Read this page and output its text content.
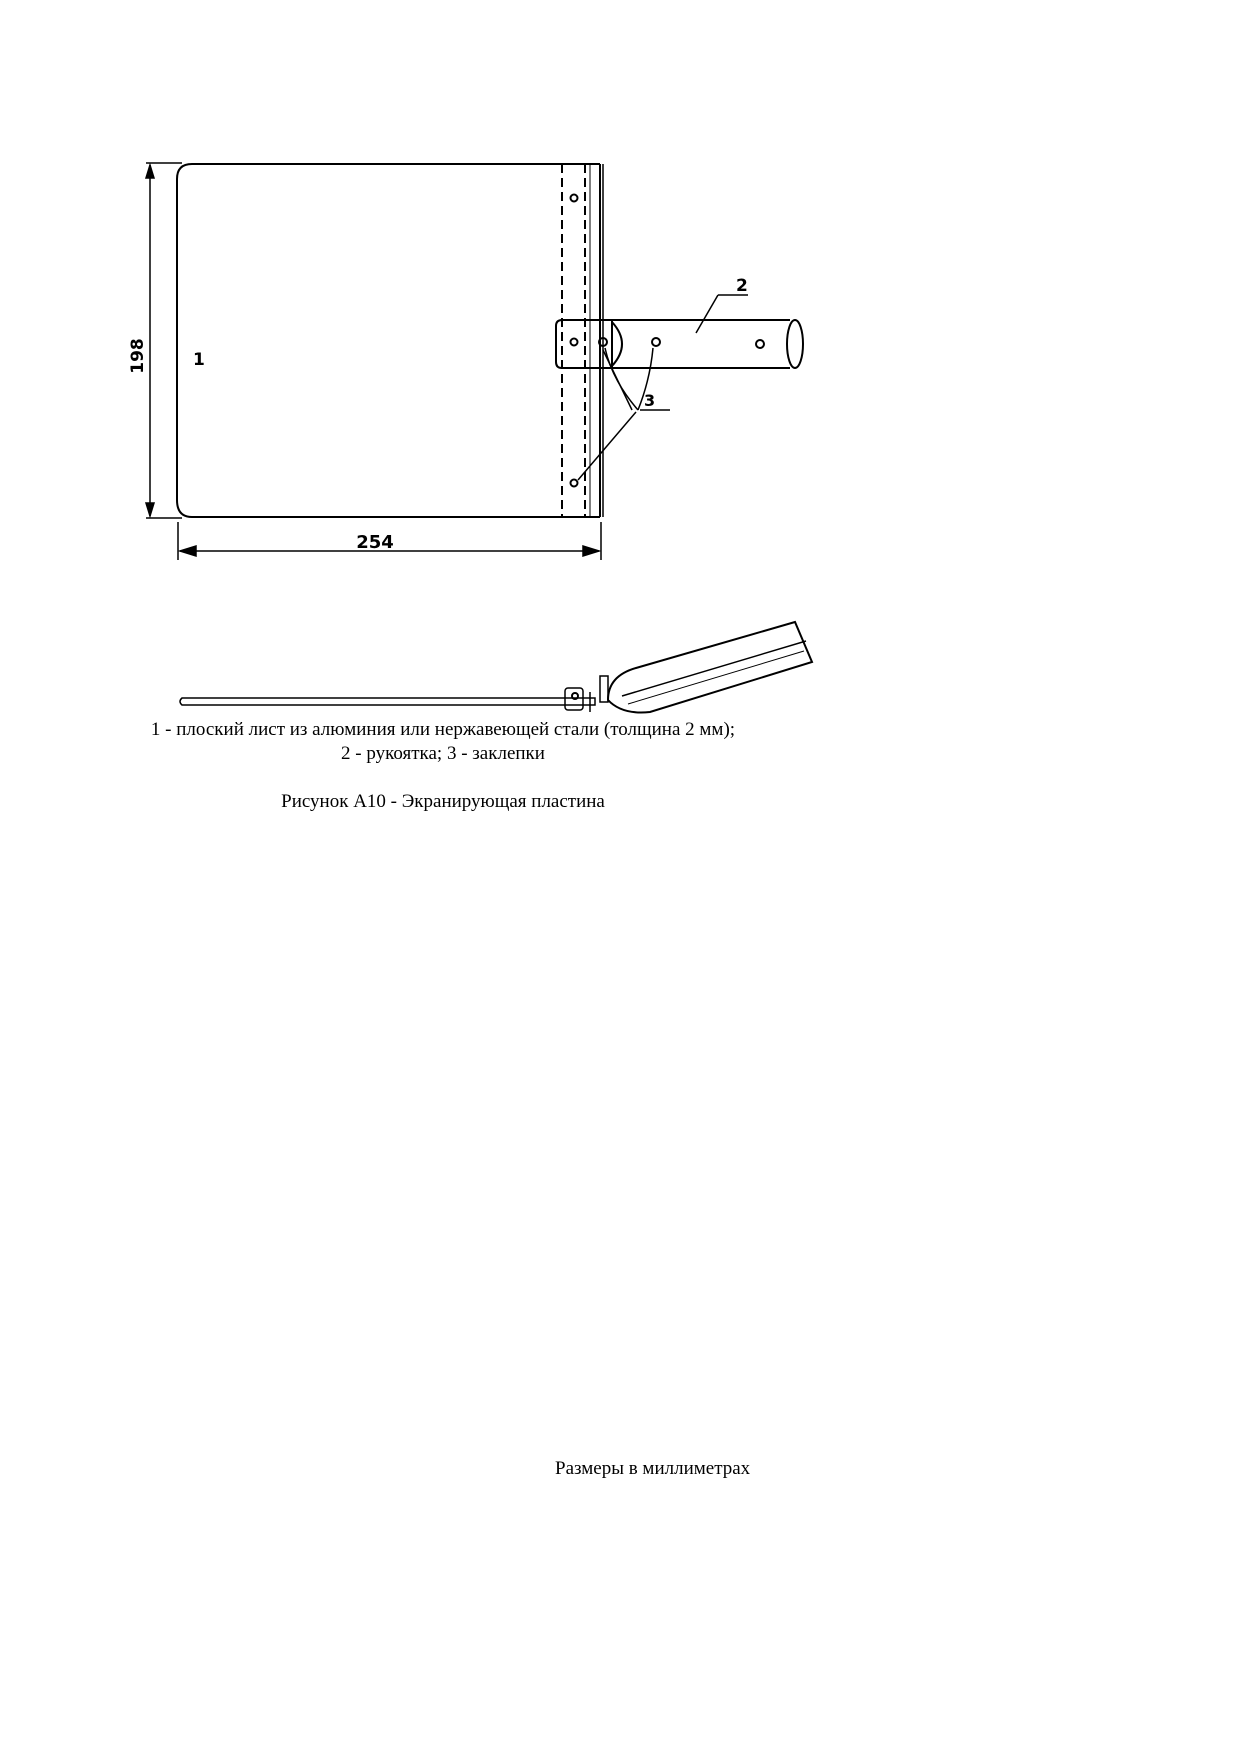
198
254
1
2
3
1 - плоский лист из алюминия или нержавеющей стали (толщина 2 мм);
2 - рукоятка; 3 - заклепки
Рисунок А10 - Экранирующая пластина
Размеры в миллиметрах
